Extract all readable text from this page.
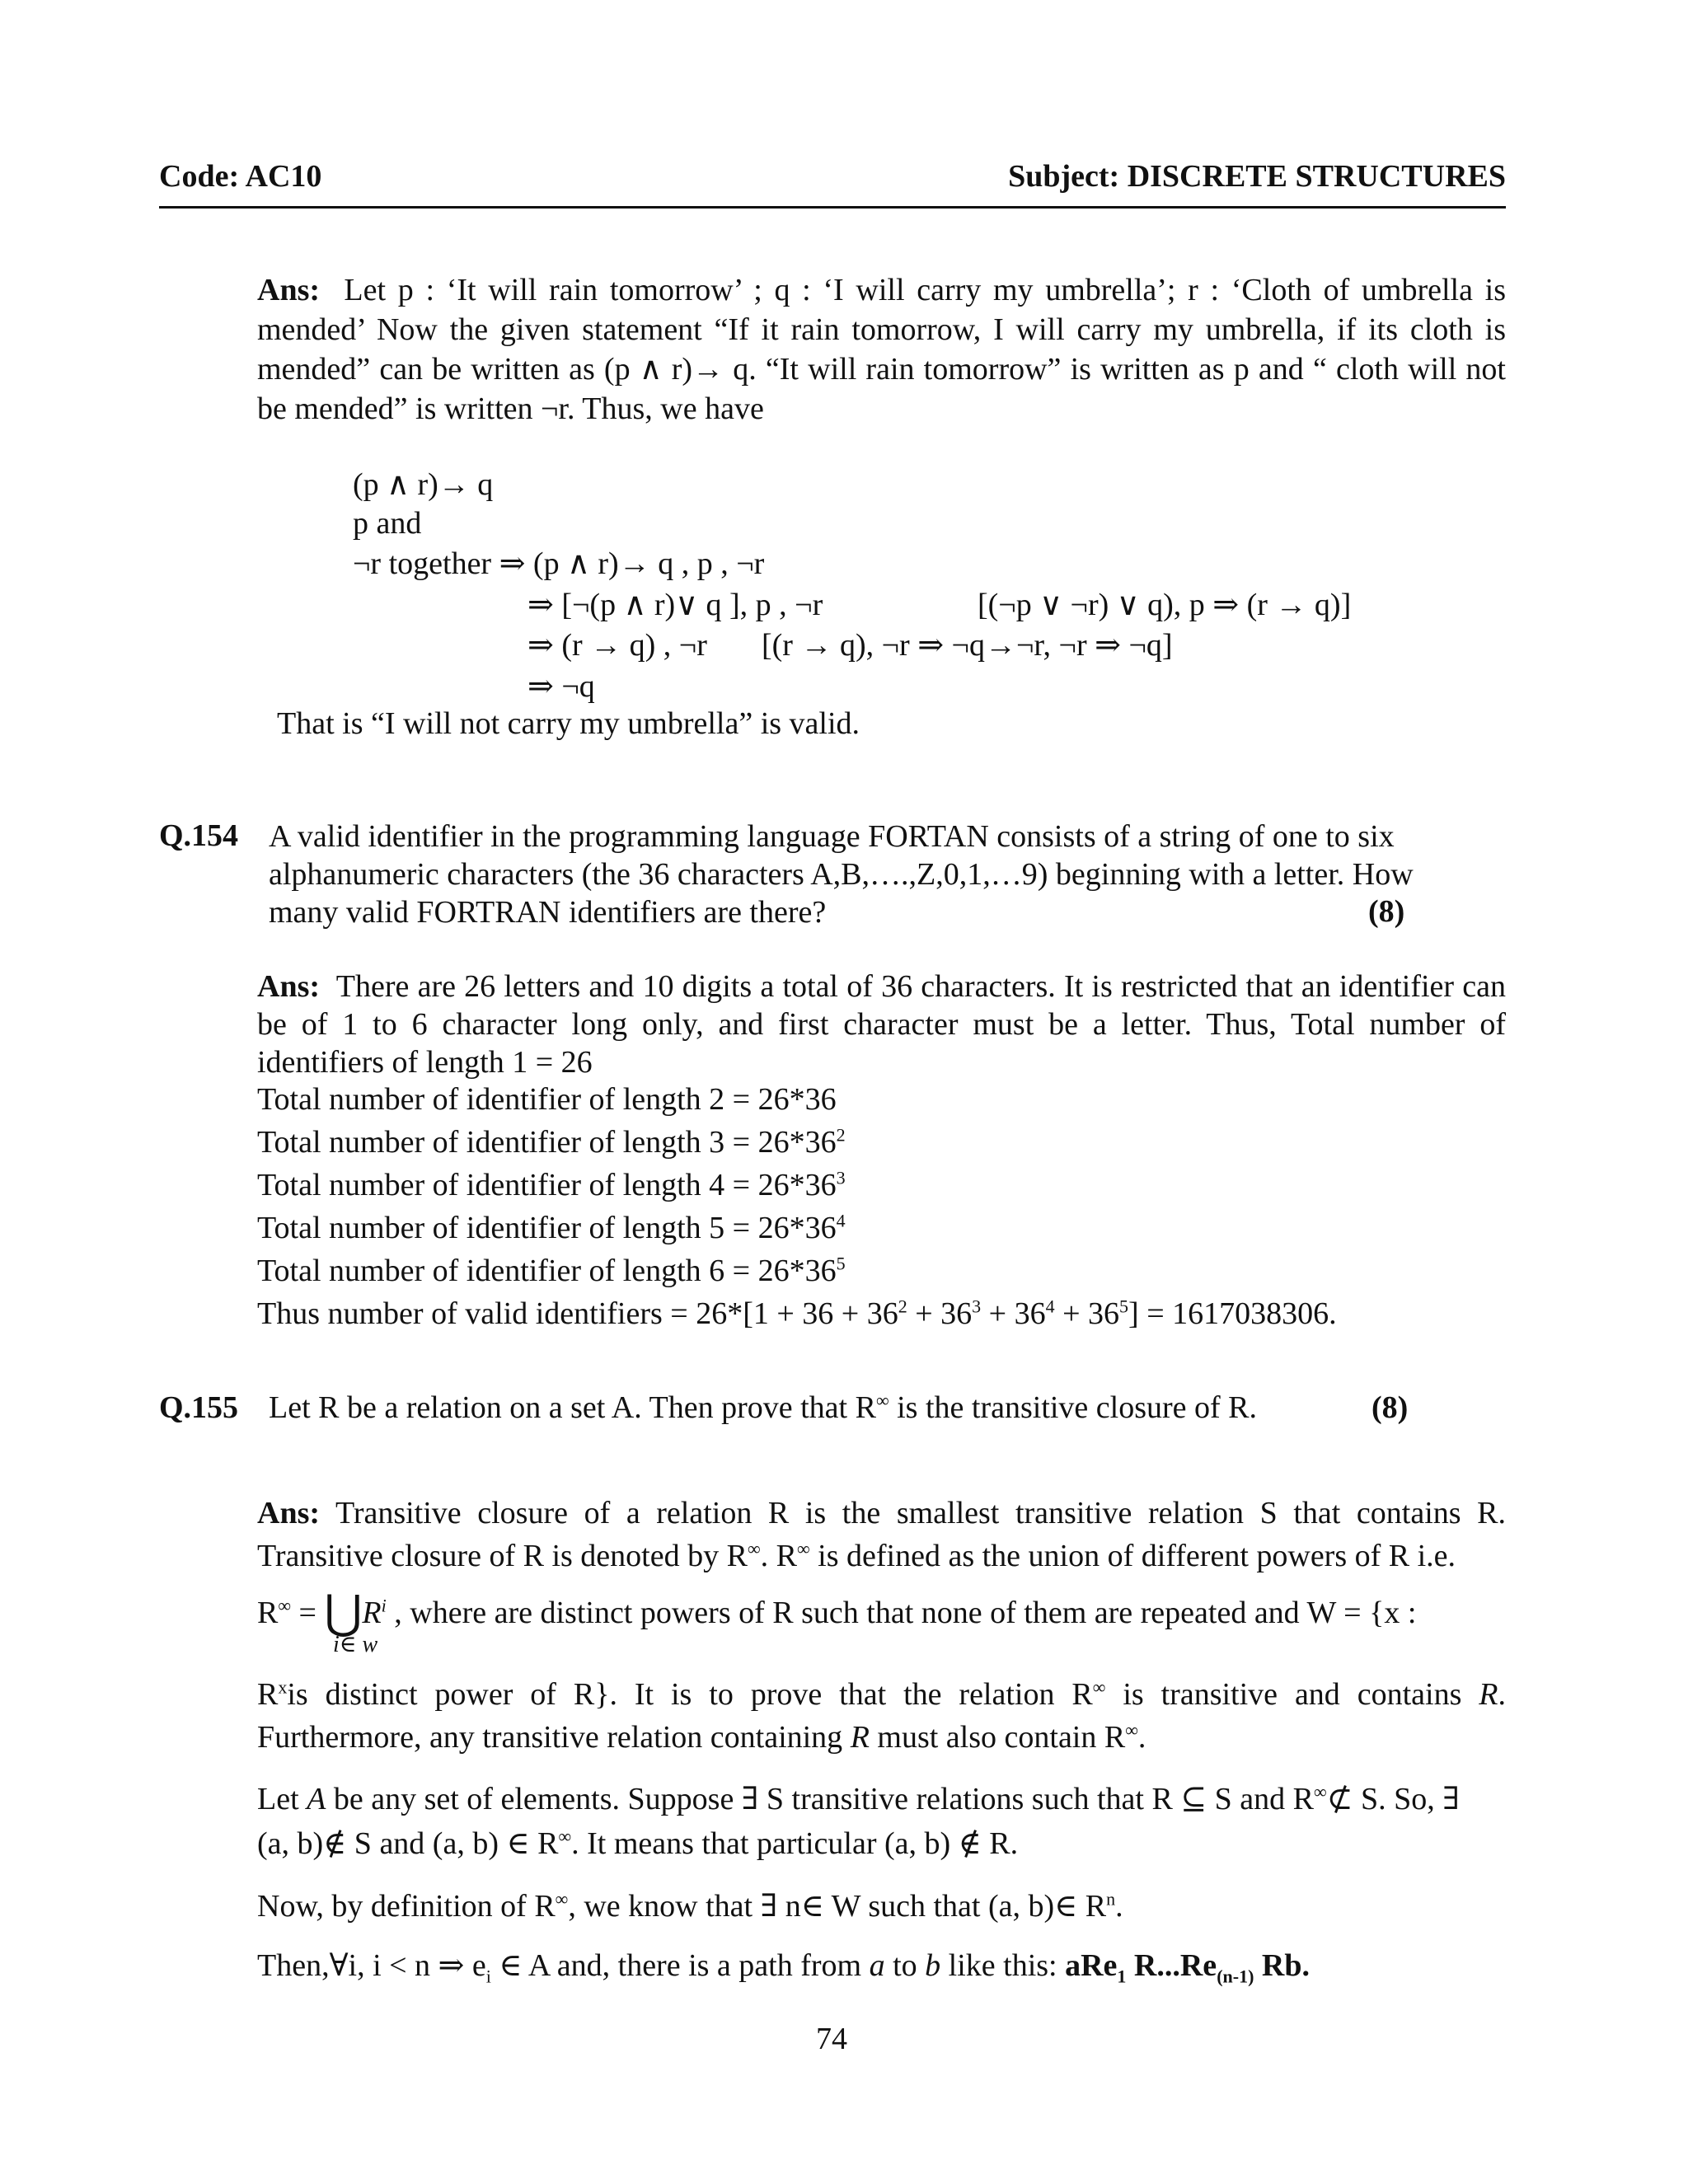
Code: AC10	Subject: DISCRETE STRUCTURES
Ans: Let p : ‘It will rain tomorrow’ ; q : ‘I will carry my umbrella’; r : ‘Cloth of umbrella is mended’ Now the given statement “If it rain tomorrow, I will carry my umbrella, if its cloth is mended” can be written as (p ∧ r)→ q. “It will rain tomorrow” is written as p and “ cloth will not be mended” is written ¬r. Thus, we have
(p ∧ r)→ q
p and
¬r together ⇒ (p ∧ r)→ q , p , ¬r
⇒ [¬(p ∧ r)∨ q ], p , ¬r	[(¬p ∨ ¬r) ∨ q), p ⇒ (r → q)]
⇒ (r → q) , ¬r [(r → q), ¬r ⇒ ¬q→¬r, ¬r ⇒ ¬q]
⇒ ¬q
That is “I will not carry my umbrella” is valid.
Q.154 A valid identifier in the programming language FORTAN consists of a string of one to six alphanumeric characters (the 36 characters A,B,….,Z,0,1,…9) beginning with a letter. How many valid FORTRAN identifiers are there?	(8)
Ans: There are 26 letters and 10 digits a total of 36 characters. It is restricted that an identifier can be of 1 to 6 character long only, and first character must be a letter. Thus, Total number of identifiers of length 1 = 26
Total number of identifier of length 2 = 26*36
Total number of identifier of length $3 = 26*36^2$
Total number of identifier of length $4 = 26*36^3$
Total number of identifier of length $5 = 26*36^4$
Total number of identifier of length $6 = 26*36^5$
Thus number of valid identifiers = $26*[1 + 36 + 36^2 + 36^3 + 36^4 + 36^5] = 1617038306$.
Q.155 Let R be a relation on a set A. Then prove that R∞ is the transitive closure of R.	(8)
Ans: Transitive closure of a relation R is the smallest transitive relation S that contains R.
Transitive closure of R is denoted by R∞. R∞ is defined as the union of different powers of R i.e.
$R^\infty = ⋃R^i$ , where are distinct powers of R such that none of them are repeated and W = {x :
i∈ w
$R^xis$ distinct power of R}. It is to prove that the relation R∞ is transitive and contains R.
Furthermore, any transitive relation containing R must also contain R∞.
Let A be any set of elements. Suppose ∃ S transitive relations such that R ⊆ S and R∞⊄ S. So, ∃
(a, b)∉ S and (a, b) ∈ R∞. It means that particular (a, b) ∉ R.
Now, by definition of R∞, we know that ∃ n∈ W such that (a, b)∈ $R^n$.
Then,∀i, i < n ⇒ $e_i$ ∈ A and, there is a path from a to b like this: aRe$_1$ $R...Re_{(n-1)}$ Rb.
74
